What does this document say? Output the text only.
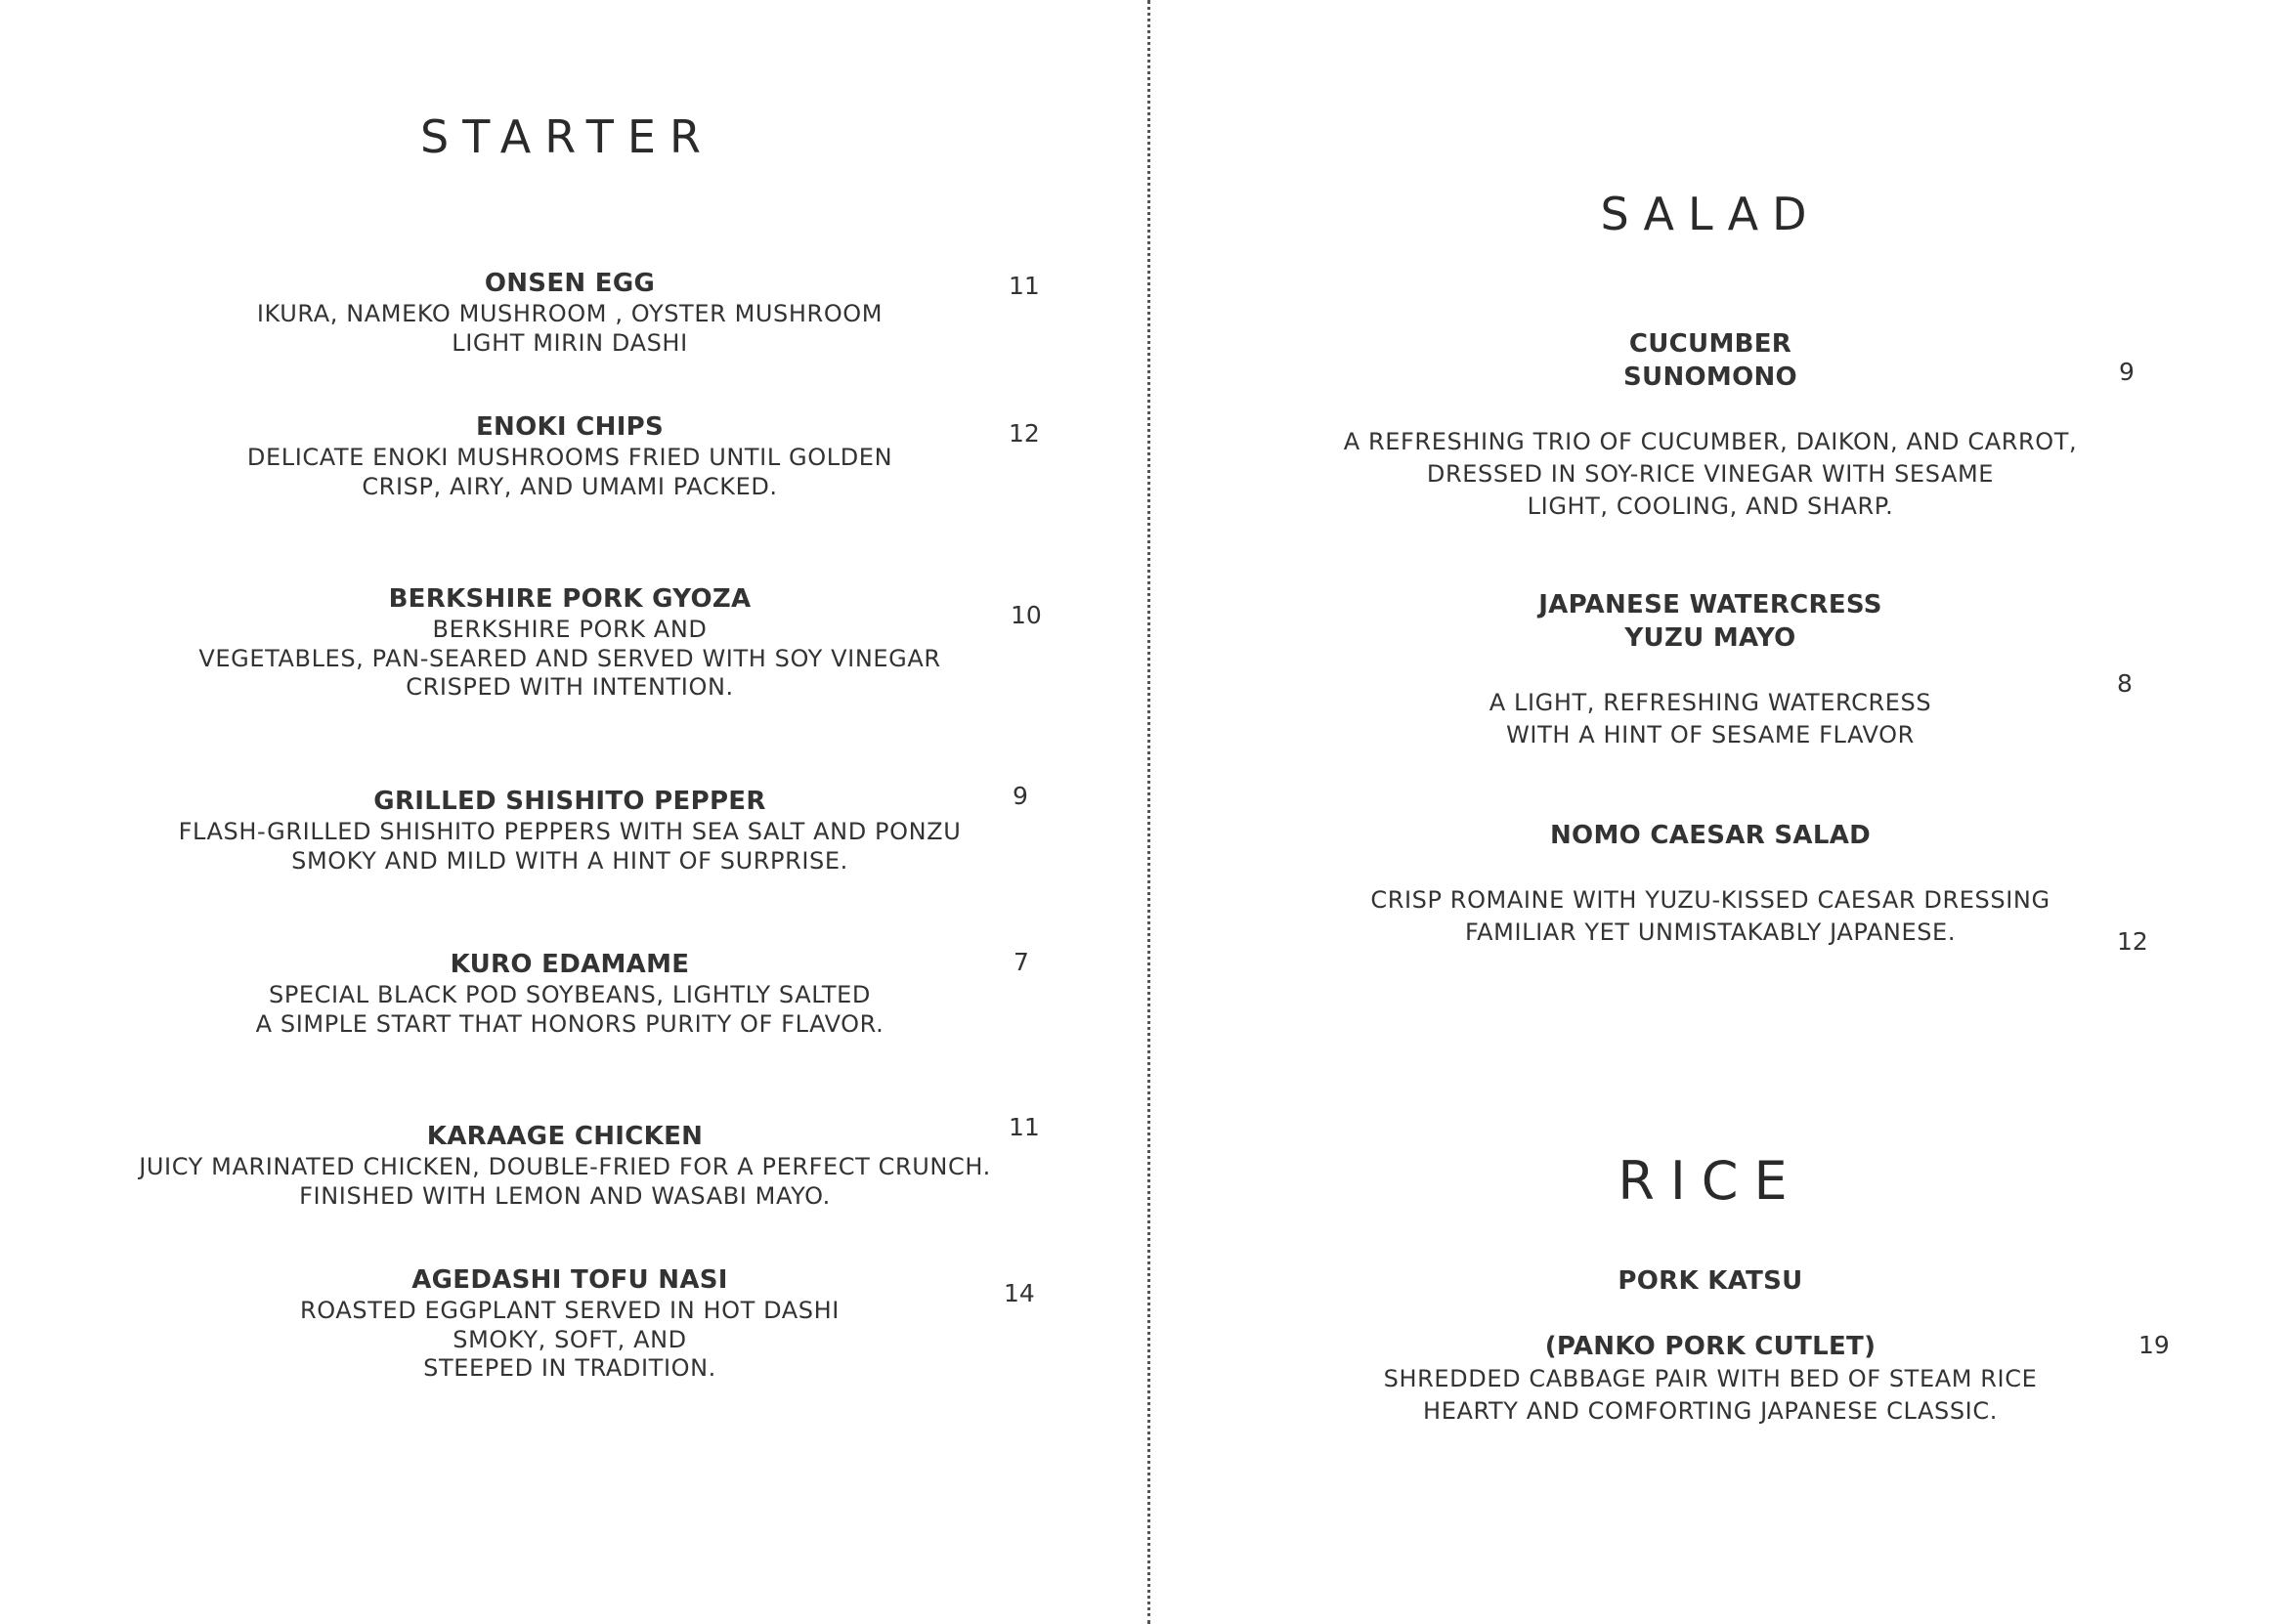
STARTER
ONSEN EGG
IKURA, NAMEKO MUSHROOM , OYSTER MUSHROOM
LIGHT MIRIN DASHI
11
ENOKI CHIPS
DELICATE ENOKI MUSHROOMS FRIED UNTIL GOLDEN
CRISP, AIRY, AND UMAMI PACKED.
12
BERKSHIRE PORK GYOZA
BERKSHIRE PORK AND
VEGETABLES, PAN-SEARED AND SERVED WITH SOY VINEGAR
CRISPED WITH INTENTION.
10
GRILLED SHISHITO PEPPER
FLASH-GRILLED SHISHITO PEPPERS WITH SEA SALT AND PONZU
SMOKY AND MILD WITH A HINT OF SURPRISE.
9
KURO EDAMAME
SPECIAL BLACK POD SOYBEANS, LIGHTLY SALTED
A SIMPLE START THAT HONORS PURITY OF FLAVOR.
7
KARAAGE CHICKEN
JUICY MARINATED CHICKEN, DOUBLE-FRIED FOR A PERFECT CRUNCH.
FINISHED WITH LEMON AND WASABI MAYO.
11
AGEDASHI TOFU NASI
ROASTED EGGPLANT SERVED IN HOT DASHI
SMOKY, SOFT, AND
STEEPED IN TRADITION.
14
SALAD
CUCUMBER
SUNOMONO
A REFRESHING TRIO OF CUCUMBER, DAIKON, AND CARROT,
DRESSED IN SOY-RICE VINEGAR WITH SESAME
LIGHT, COOLING, AND SHARP.
9
JAPANESE WATERCRESS
YUZU MAYO
A LIGHT, REFRESHING WATERCRESS
WITH A HINT OF SESAME FLAVOR
8
NOMO CAESAR SALAD
CRISP ROMAINE WITH YUZU-KISSED CAESAR DRESSING
FAMILIAR YET UNMISTAKABLY JAPANESE.	12
RICE
PORK KATSU
(PANKO PORK CUTLET)
SHREDDED CABBAGE PAIR WITH BED OF STEAM RICE
HEARTY AND COMFORTING JAPANESE CLASSIC.
19
